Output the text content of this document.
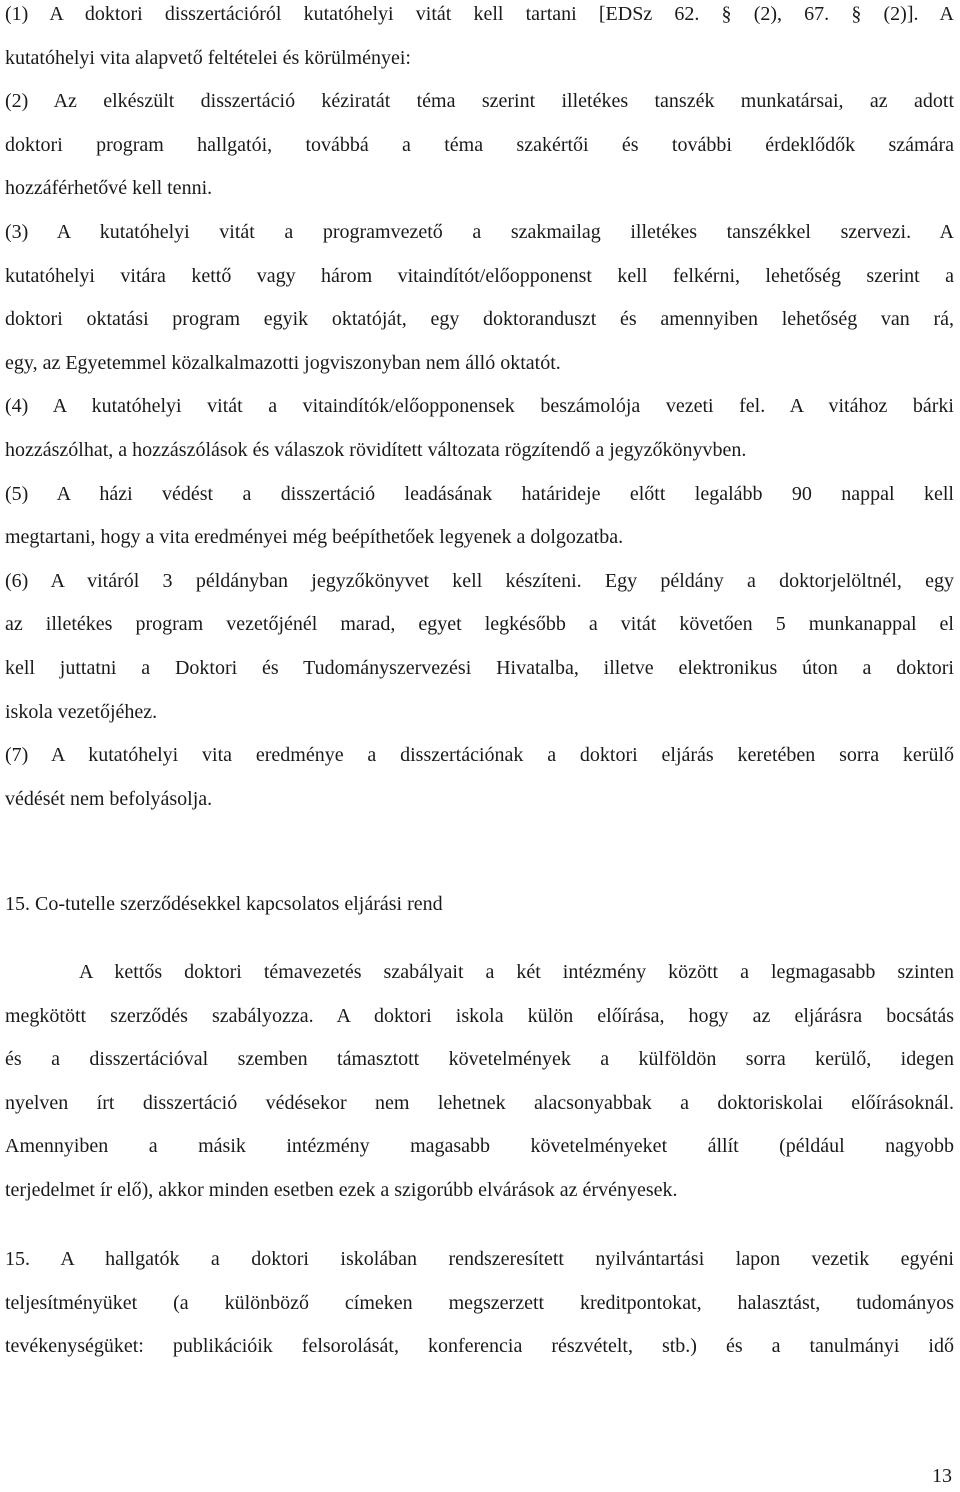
(1) A doktori disszertációról kutatóhelyi vitát kell tartani [EDSz 62. § (2), 67. § (2)]. A
kutatóhelyi vita alapvető feltételei és körülményei:
(2) Az elkészült disszertáció kéziratát téma szerint illetékes tanszék munkatársai, az adott
doktori program hallgatói, továbbá a téma szakértői és további érdeklődők számára
hozzáférhetővé kell tenni.
(3) A kutatóhelyi vitát a programvezető a szakmailag illetékes tanszékkel szervezi. A
kutatóhelyi vitára kettő vagy három vitaindítót/előopponenst kell felkérni, lehetőség szerint a
doktori oktatási program egyik oktatóját, egy doktoranduszt és amennyiben lehetőség van rá,
egy, az Egyetemmel közalkalmazotti jogviszonyban nem álló oktatót.
(4) A kutatóhelyi vitát a vitaindítók/előopponensek beszámolója vezeti fel. A vitához bárki
hozzászólhat, a hozzászólások és válaszok rövidített változata rögzítendő a jegyzőkönyvben.
(5) A házi védést a disszertáció leadásának határideje előtt legalább 90 nappal kell
megtartani, hogy a vita eredményei még beépíthetőek legyenek a dolgozatba.
(6) A vitáról 3 példányban jegyzőkönyvet kell készíteni. Egy példány a doktorjelöltnél, egy
az illetékes program vezetőjénél marad, egyet legkésőbb a vitát követően 5 munkanappal el
kell juttatni a Doktori és Tudományszervezési Hivatalba, illetve elektronikus úton a doktori
iskola vezetőjéhez.
(7) A kutatóhelyi vita eredménye a disszertációnak a doktori eljárás keretében sorra kerülő
védését nem befolyásolja.
15. Co-tutelle szerződésekkel kapcsolatos eljárási rend
A kettős doktori témavezetés szabályait a két intézmény között a legmagasabb szinten
megkötött szerződés szabályozza. A doktori iskola külön előírása, hogy az eljárásra bocsátás
és a disszertációval szemben támasztott követelmények a külföldön sorra kerülő, idegen
nyelven írt disszertáció védésekor nem lehetnek alacsonyabbak a doktoriskolai előírásoknál.
Amennyiben a másik intézmény magasabb követelményeket állít (például nagyobb
terjedelmet ír elő), akkor minden esetben ezek a szigorúbb elvárások az érvényesek.
15. A hallgatók a doktori iskolában rendszeresített nyilvántartási lapon vezetik egyéni
teljesítményüket (a különböző címeken megszerzett kreditpontokat, halasztást, tudományos
tevékenységüket: publikációik felsorolását, konferencia részvételt, stb.) és a tanulmányi idő
13
